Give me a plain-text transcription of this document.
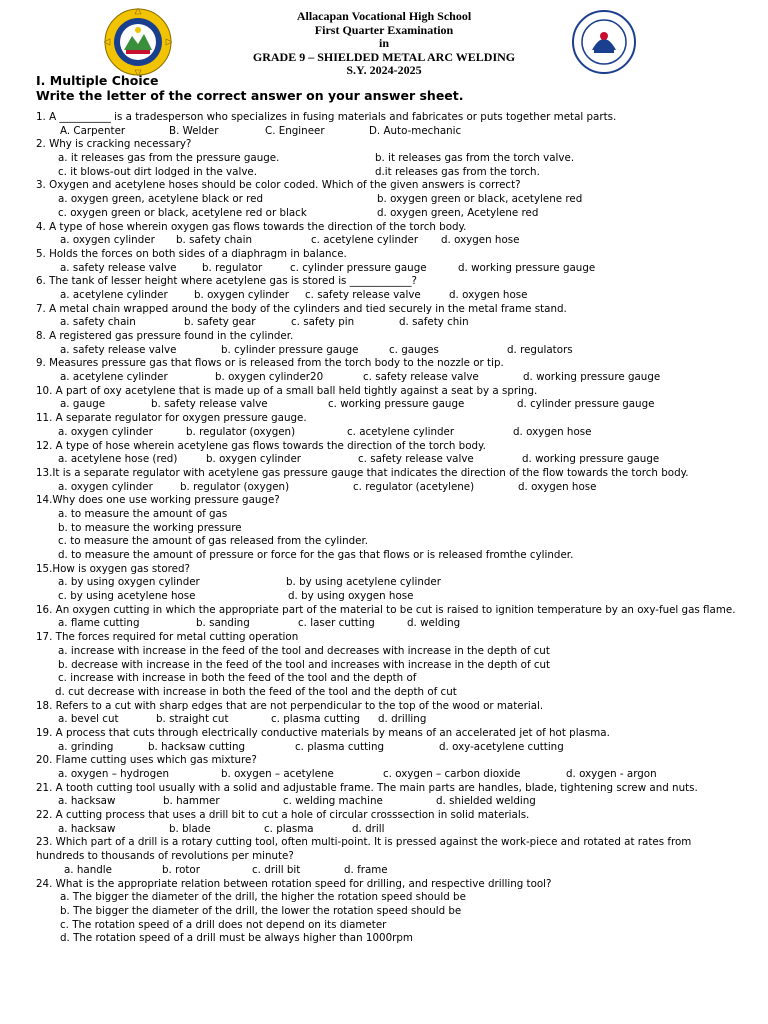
Allacapan Vocational High School
First Quarter Examination
in
GRADE 9 – SHIELDED METAL ARC WELDING
S.Y. 2024-2025
I. Multiple Choice
Write the letter of the correct answer on your answer sheet.
1. A __________ is a tradesperson who specializes in fusing materials and fabricates or puts together metal parts.
A. Carpenter	B. Welder	C. Engineer	D. Auto-mechanic
2. Why is cracking necessary?
a. it releases gas from the pressure gauge.	b. it releases gas from the torch valve.
c. it blows-out dirt lodged in the valve.	d.it releases gas from the torch.
3. Oxygen and acetylene hoses should be color coded. Which of the given answers is correct?
a. oxygen green, acetylene black or red	b. oxygen green or black, acetylene red
c. oxygen green or black, acetylene red or black	d. oxygen green, Acetylene red
4. A type of hose wherein oxygen gas flows towards the direction of the torch body.
a. oxygen cylinder b. safety chain	c. acetylene cylinder d. oxygen hose
5. Holds the forces on both sides of a diaphragm in balance.
a. safety release valve b. regulator	c. cylinder pressure gauge	d. working pressure gauge
6. The tank of lesser height where acetylene gas is stored is ____________?
a. acetylene cylinder	b. oxygen cylinder c. safety release valve	d. oxygen hose
7. A metal chain wrapped around the body of the cylinders and tied securely in the metal frame stand.
a. safety chain	b. safety gear	c. safety pin	d. safety chin
8. A registered gas pressure found in the cylinder.
a. safety release valve	b. cylinder pressure gauge	c. gauges	d. regulators
9. Measures pressure gas that flows or is released from the torch body to the nozzle or tip.
a. acetylene cylinder	b. oxygen cylinder20	c. safety release valve	d. working pressure gauge
10. A part of oxy acetylene that is made up of a small ball held tightly against a seat by a spring.
a. gauge	b. safety release valve	c. working pressure gauge	d. cylinder pressure gauge
11. A separate regulator for oxygen pressure gauge.
a. oxygen cylinder	b. regulator (oxygen)	c. acetylene cylinder	d. oxygen hose
12. A type of hose wherein acetylene gas flows towards the direction of the torch body.
a. acetylene hose (red)	b. oxygen cylinder	c. safety release valve	d. working pressure gauge
13.It is a separate regulator with acetylene gas pressure gauge that indicates the direction of the flow towards the torch body.
a. oxygen cylinder	b. regulator (oxygen)	c. regulator (acetylene)	d. oxygen hose
14.Why does one use working pressure gauge?
a. to measure the amount of gas
b. to measure the working pressure
c. to measure the amount of gas released from the cylinder.
d. to measure the amount of pressure or force for the gas that flows or is released fromthe cylinder.
15.How is oxygen gas stored?
a. by using oxygen cylinder	b. by using acetylene cylinder
c. by using acetylene hose	d. by using oxygen hose
16. An oxygen cutting in which the appropriate part of the material to be cut is raised to ignition temperature by an oxy-fuel gas flame.
a. flame cutting	b. sanding	c. laser cutting	d. welding
17. The forces required for metal cutting operation
a. increase with increase in the feed of the tool and decreases with increase in the depth of cut
b. decrease with increase in the feed of the tool and increases with increase in the depth of cut
c. increase with increase in both the feed of the tool and the depth of
d. cut decrease with increase in both the feed of the tool and the depth of cut
18. Refers to a cut with sharp edges that are not perpendicular to the top of the wood or material.
a. bevel cut	b. straight cut	c. plasma cutting d. drilling
19. A process that cuts through electrically conductive materials by means of an accelerated jet of hot plasma.
a. grinding	b. hacksaw cutting	c. plasma cutting	d. oxy-acetylene cutting
20. Flame cutting uses which gas mixture?
a. oxygen – hydrogen	b. oxygen – acetylene	c. oxygen – carbon dioxide	d. oxygen - argon
21. A tooth cutting tool usually with a solid and adjustable frame. The main parts are handles, blade, tightening screw and nuts.
a. hacksaw	b. hammer	c. welding machine	d. shielded welding
22. A cutting process that uses a drill bit to cut a hole of circular crosssection in solid materials.
a. hacksaw	b. blade	c. plasma	d. drill
23. Which part of a drill is a rotary cutting tool, often multi-point. It is pressed against the work-piece and rotated at rates from hundreds to thousands of revolutions per minute?
a. handle	b. rotor	c. drill bit	d. frame
24. What is the appropriate relation between rotation speed for drilling, and respective drilling tool?
a. The bigger the diameter of the drill, the higher the rotation speed should be
b. The bigger the diameter of the drill, the lower the rotation speed should be
c. The rotation speed of a drill does not depend on its diameter
d. The rotation speed of a drill must be always higher than 1000rpm
